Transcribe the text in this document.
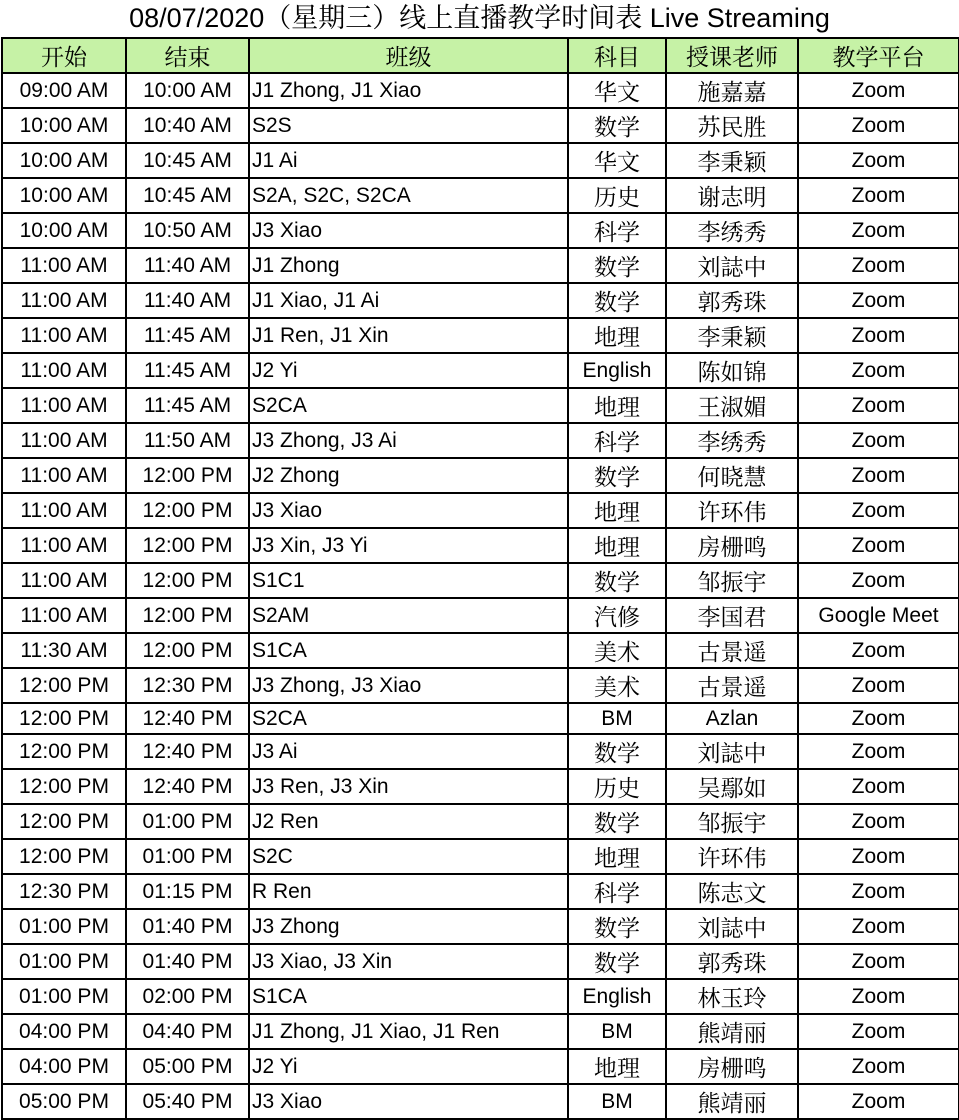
08/07/2020（星期三）线上直播教学时间表 Live Streaming
开始	结束	班级	科目	授课老师	教学平台
09:00 AM	10:00 AM	J1 Zhong, J1 Xiao	华文	施嘉嘉	Zoom
10:00 AM	10:40 AM	S2S	数学	苏民胜	Zoom
10:00 AM	10:45 AM	J1 Ai	华文	李秉颖	Zoom
10:00 AM	10:45 AM	S2A, S2C, S2CA	历史	谢志明	Zoom
10:00 AM	10:50 AM	J3 Xiao	科学	李绣秀	Zoom
11:00 AM	11:40 AM	J1 Zhong	数学	刘誌中	Zoom
11:00 AM	11:40 AM	J1 Xiao, J1 Ai	数学	郭秀珠	Zoom
11:00 AM	11:45 AM	J1 Ren, J1 Xin	地理	李秉颖	Zoom
11:00 AM	11:45 AM	J2 Yi	English	陈如锦	Zoom
11:00 AM	11:45 AM	S2CA	地理	王淑媚	Zoom
11:00 AM	11:50 AM	J3 Zhong, J3 Ai	科学	李绣秀	Zoom
11:00 AM	12:00 PM	J2 Zhong	数学	何晓慧	Zoom
11:00 AM	12:00 PM	J3 Xiao	地理	许环伟	Zoom
11:00 AM	12:00 PM	J3 Xin, J3 Yi	地理	房栅鸣	Zoom
11:00 AM	12:00 PM	S1C1	数学	邹振宇	Zoom
11:00 AM	12:00 PM	S2AM	汽修	李国君	Google Meet
11:30 AM	12:00 PM	S1CA	美术	古景遥	Zoom
12:00 PM	12:30 PM	J3 Zhong, J3 Xiao	美术	古景遥	Zoom
12:00 PM	12:40 PM	S2CA	BM	Azlan	Zoom
12:00 PM	12:40 PM	J3 Ai	数学	刘誌中	Zoom
12:00 PM	12:40 PM	J3 Ren, J3 Xin	历史	吴鄢如	Zoom
12:00 PM	01:00 PM	J2 Ren	数学	邹振宇	Zoom
12:00 PM	01:00 PM	S2C	地理	许环伟	Zoom
12:30 PM	01:15 PM	R Ren	科学	陈志文	Zoom
01:00 PM	01:40 PM	J3 Zhong	数学	刘誌中	Zoom
01:00 PM	01:40 PM	J3 Xiao, J3 Xin	数学	郭秀珠	Zoom
01:00 PM	02:00 PM	S1CA	English	林玉玲	Zoom
04:00 PM	04:40 PM	J1 Zhong, J1 Xiao, J1 Ren	BM	熊靖丽	Zoom
04:00 PM	05:00 PM	J2 Yi	地理	房栅鸣	Zoom
05:00 PM	05:40 PM	J3 Xiao	BM	熊靖丽	Zoom
